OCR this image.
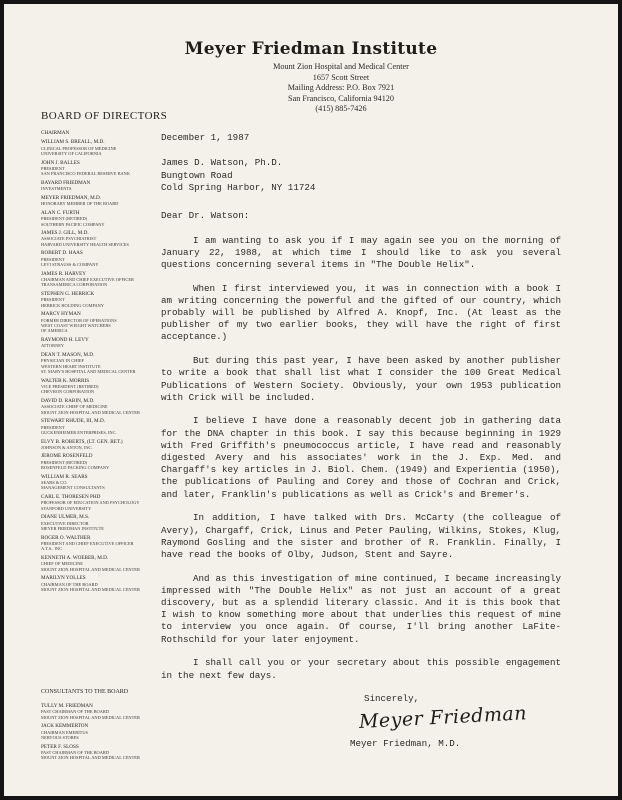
Meyer Friedman Institute
Mount Zion Hospital and Medical Center
1657 Scott Street
Mailing Address: P.O. Box 7921
San Francisco, California 94120
(415) 885-7426
BOARD OF DIRECTORS
CHAIRMAN
WILLIAM S. BREALL, M.D.
CLINICAL PROFESSOR OF MEDICINE
UNIVERSITY OF CALIFORNIA
JOHN J. BALLES
PRESIDENT
SAN FRANCISCO FEDERAL RESERVE BANK
BAYARD FRIEDMAN
INVESTMENTS
MEYER FRIEDMAN, M.D.
HONORARY MEMBER OF THE BOARD
ALAN C. FURTH
PRESIDENT (RETIRED)
SOUTHERN PACIFIC COMPANY
JAMES J. GILL, M.D.
ASSOCIATE PSYCHIATRIST
HARVARD UNIVERSITY HEALTH SERVICES
ROBERT D. HAAS
PRESIDENT
LEVI STRAUSS & COMPANY
JAMES R. HARVEY
CHAIRMAN AND CHIEF EXECUTIVE OFFICER
TRANSAMERICA CORPORATION
STEPHEN G. HERRICK
PRESIDENT
HERRICK HOLDING COMPANY
MARCY HYMAN
FORMER DIRECTOR OF OPERATIONS
WEST COAST WEIGHT WATCHERS
OF AMERICA
RAYMOND H. LEVY
ATTORNEY
DEAN T. MASON, M.D.
PHYSICIAN IN CHIEF
WESTERN HEART INSTITUTE
ST. MARY'S HOSPITAL AND MEDICAL CENTER
WALTER K. MORRIS
VICE PRESIDENT (RETIRED)
CHEVRON CORPORATION
DAVID D. RABIN, M.D.
ASSOCIATE CHIEF OF MEDICINE
MOUNT ZION HOSPITAL AND MEDICAL CENTER
STEWART RHUDE, III, M.D.
PRESIDENT
GUCKENHEIMER ENTERPRISES, INC.
ELVY B. ROBERTS, (LT. GEN. RET.)
JOHNSON & ANTON, INC.
JEROME ROSENFELD
PRESIDENT (RETIRED)
ROSENFELD PACKING COMPANY
WILLIAM R. SEARS
SEARS & CO.
MANAGEMENT CONSULTANTS
CARL E. THORESEN PHD
PROFESSOR OF EDUCATION AND PSYCHOLOGY
STANFORD UNIVERSITY
DIANE ULMER, M.S.
EXECUTIVE DIRECTOR
MEYER FRIEDMAN INSTITUTE
ROGER O. WALTHER
PRESIDENT AND CHIEF EXECUTIVE OFFICER
A.T.S., INC.
KENNETH A. WOEBER, M.D.
CHIEF OF MEDICINE
MOUNT ZION HOSPITAL AND MEDICAL CENTER
MARILYN YOLLES
CHAIRMAN OF THE BOARD
MOUNT ZION HOSPITAL AND MEDICAL CENTER
CONSULTANTS TO THE BOARD
TULLY M. FRIEDMAN
PAST CHAIRMAN OF THE BOARD
MOUNT ZION HOSPITAL AND MEDICAL CENTER
JACK KEMMERTON
CHAIRMAN EMERITUS
NERVOUS STORES
PETER F. SLOSS
PAST CHAIRMAN OF THE BOARD
MOUNT ZION HOSPITAL AND MEDICAL CENTER
December 1, 1987
James D. Watson, Ph.D.
Bungtown Road
Cold Spring Harbor, NY 11724
Dear Dr. Watson:

I am wanting to ask you if I may again see you on the morning of January 22, 1988, at which time I should like to ask you several questions concerning several items in "The Double Helix".

When I first interviewed you, it was in connection with a book I am writing concerning the powerful and the gifted of our country, which probably will be published by Alfred A. Knopf, Inc. (At least as the publisher of my two earlier books, they will have the right of first acceptance.)

But during this past year, I have been asked by another publisher to write a book that shall list what I consider the 100 Great Medical Publications of Western Society. Obviously, your own 1953 publication with Crick will be included.

I believe I have done a reasonably decent job in gathering data for the DNA chapter in this book. I say this because beginning in 1929 with Fred Griffith's pneumococcus article, I have read and reasonably digested Avery and his associates' work in the J. Exp. Med. and Chargaff's key articles in J. Biol. Chem. (1949) and Experientia (1950), the publications of Pauling and Corey and those of Cochran and Crick, and later, Franklin's publications as well as Crick's and Bremer's.

In addition, I have talked with Drs. McCarty (the colleague of Avery), Chargaff, Crick, Linus and Peter Pauling, Wilkins, Stokes, Klug, Raymond Gosling and the sister and brother of R. Franklin. Finally, I have read the books of Olby, Judson, Stent and Sayre.

And as this investigation of mine continued, I became increasingly impressed with "The Double Helix" as not just an account of a great discovery, but as a splendid literary classic. And it is this book that I wish to know something more about that underlies this request of mine to interview you once again. Of course, I'll bring another LaFite-Rothschild for your later enjoyment.

I shall call you or your secretary about this possible engagement in the next few days.

Sincerely,
Meyer Friedman
Meyer Friedman, M.D.
